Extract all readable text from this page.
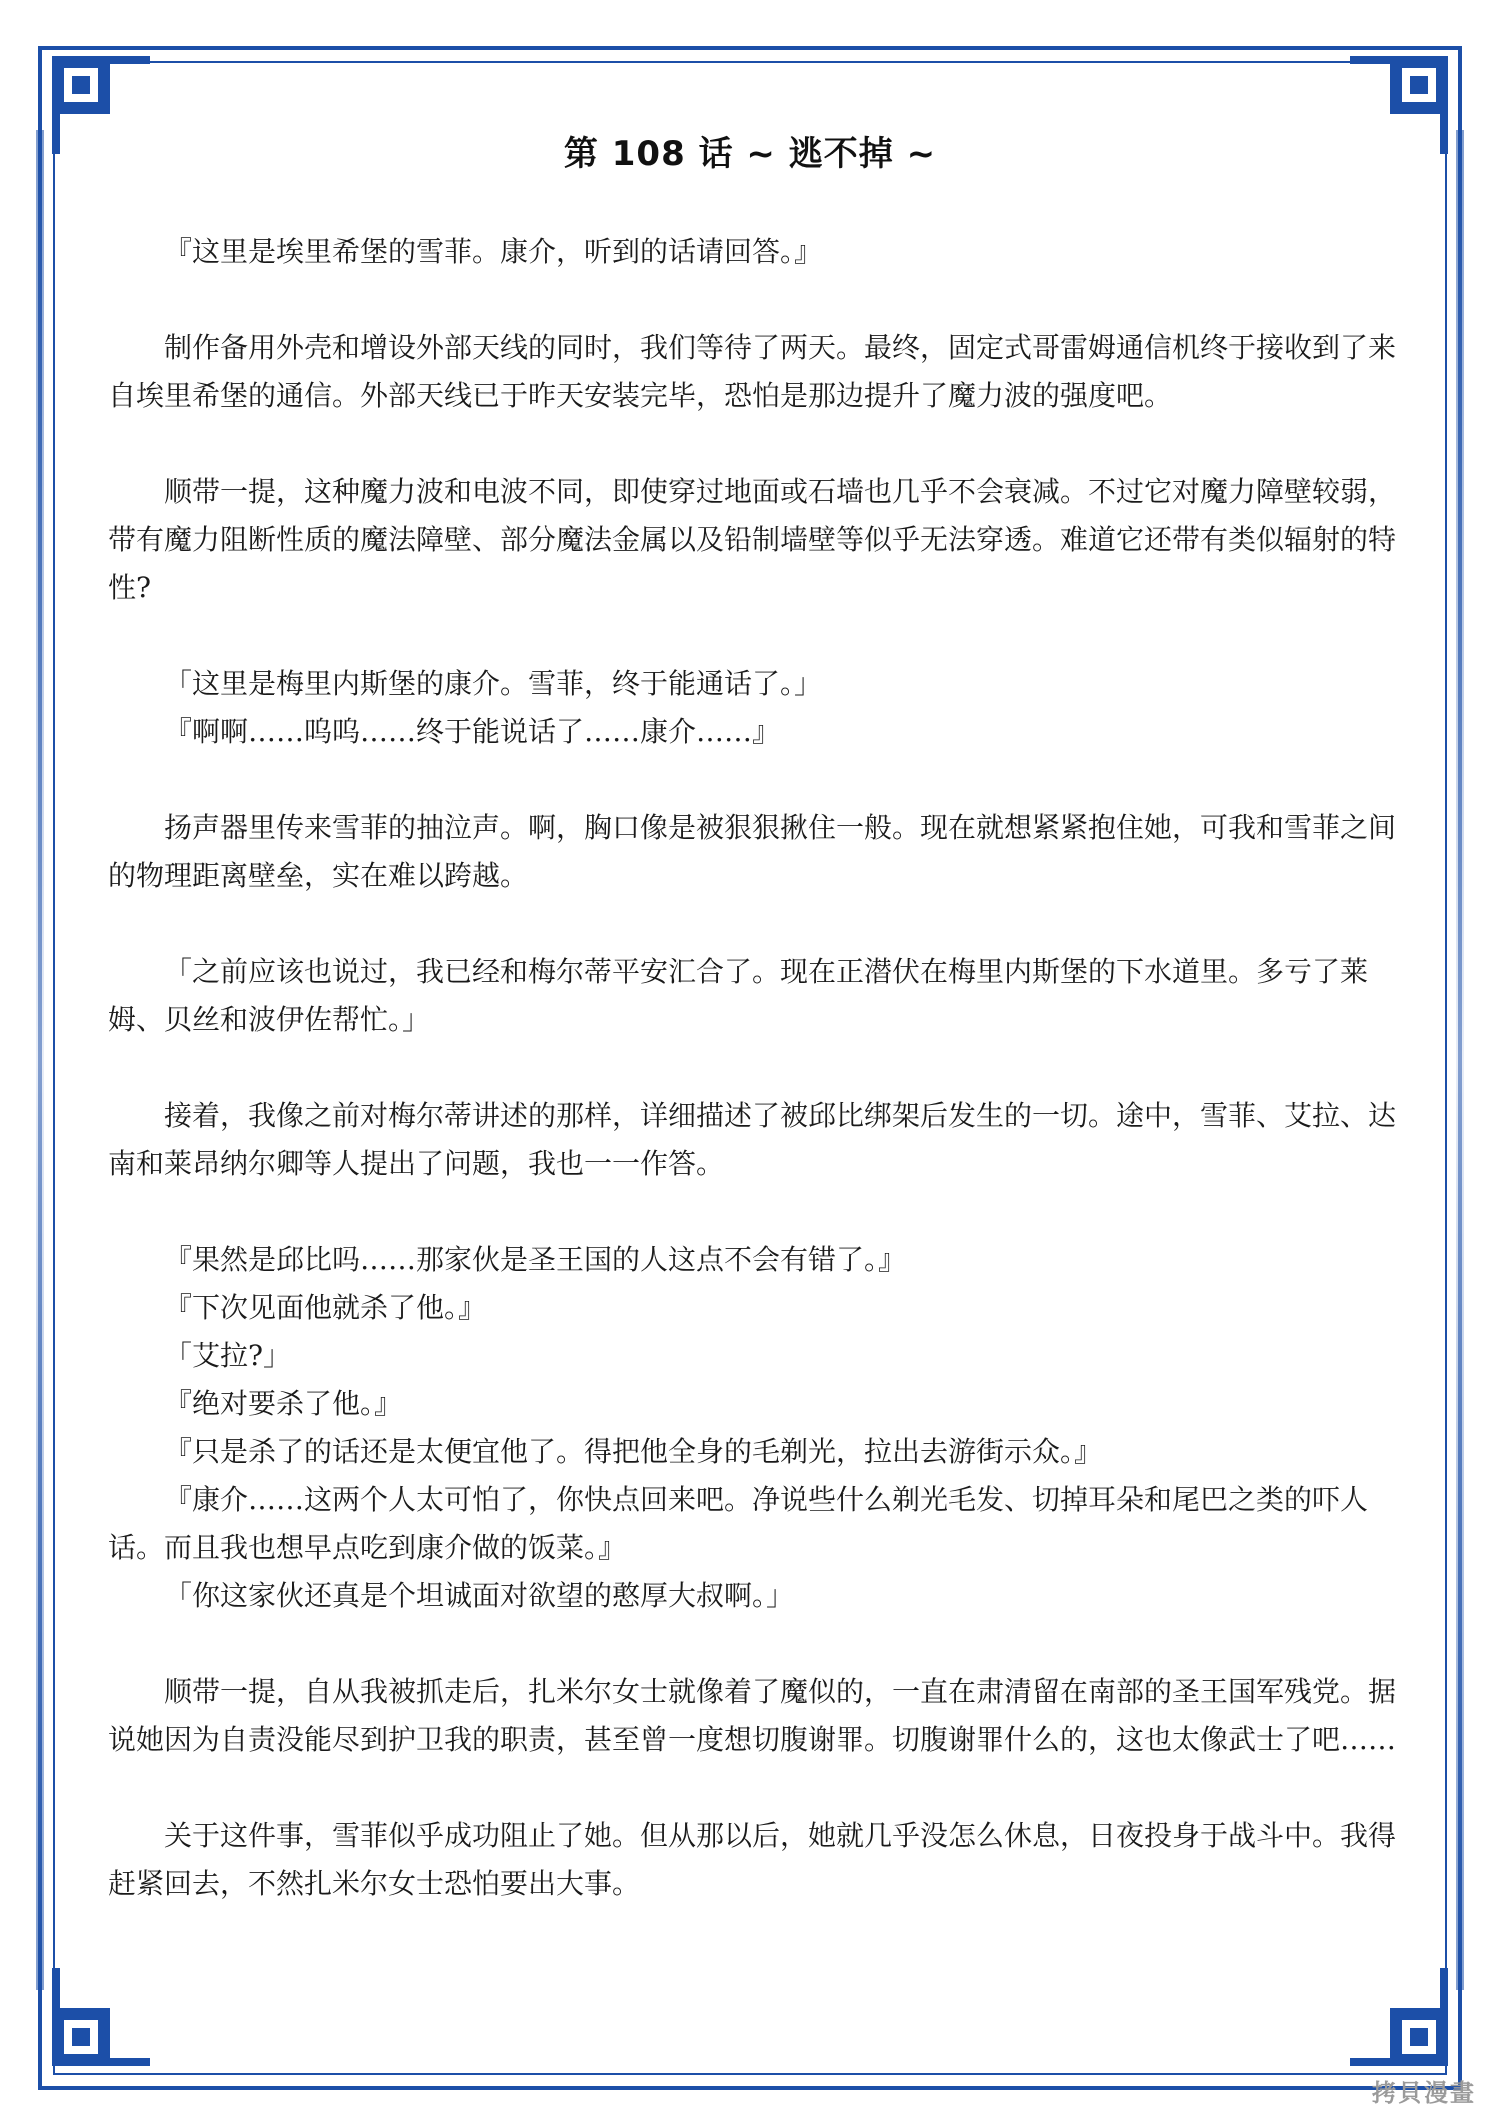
第 108 话 ~ 逃不掉 ~

『这里是埃里希堡的雪菲。康介，听到的话请回答。』

制作备用外壳和增设外部天线的同时，我们等待了两天。最终，固定式哥雷姆通信机终于接收到了来自埃里希堡的通信。外部天线已于昨天安装完毕，恐怕是那边提升了魔力波的强度吧。

顺带一提，这种魔力波和电波不同，即使穿过地面或石墙也几乎不会衰减。不过它对魔力障壁较弱，带有魔力阻断性质的魔法障壁、部分魔法金属以及铅制墙壁等似乎无法穿透。难道它还带有类似辐射的特性?

「这里是梅里内斯堡的康介。雪菲，终于能通话了。」
『啊啊……呜呜……终于能说话了……康介……』

扬声器里传来雪菲的抽泣声。啊，胸口像是被狠狠揪住一般。现在就想紧紧抱住她，可我和雪菲之间的物理距离壁垒，实在难以跨越。

「之前应该也说过，我已经和梅尔蒂平安汇合了。现在正潜伏在梅里内斯堡的下水道里。多亏了莱姆、贝丝和波伊佐帮忙。」

接着，我像之前对梅尔蒂讲述的那样，详细描述了被邱比绑架后发生的一切。途中，雪菲、艾拉、达南和莱昂纳尔卿等人提出了问题，我也一一作答。

『果然是邱比吗……那家伙是圣王国的人这点不会有错了。』
『下次见面他就杀了他。』
「艾拉?」
『绝对要杀了他。』
『只是杀了的话还是太便宜他了。得把他全身的毛剃光，拉出去游街示众。』
『康介……这两个人太可怕了，你快点回来吧。净说些什么剃光毛发、切掉耳朵和尾巴之类的吓人话。而且我也想早点吃到康介做的饭菜。』
「你这家伙还真是个坦诚面对欲望的憨厚大叔啊。」

顺带一提，自从我被抓走后，扎米尔女士就像着了魔似的，一直在肃清留在南部的圣王国军残党。据说她因为自责没能尽到护卫我的职责，甚至曾一度想切腹谢罪。切腹谢罪什么的，这也太像武士了吧……

关于这件事，雪菲似乎成功阻止了她。但从那以后，她就几乎没怎么休息，日夜投身于战斗中。我得赶紧回去，不然扎米尔女士恐怕要出大事。

拷貝漫畫
